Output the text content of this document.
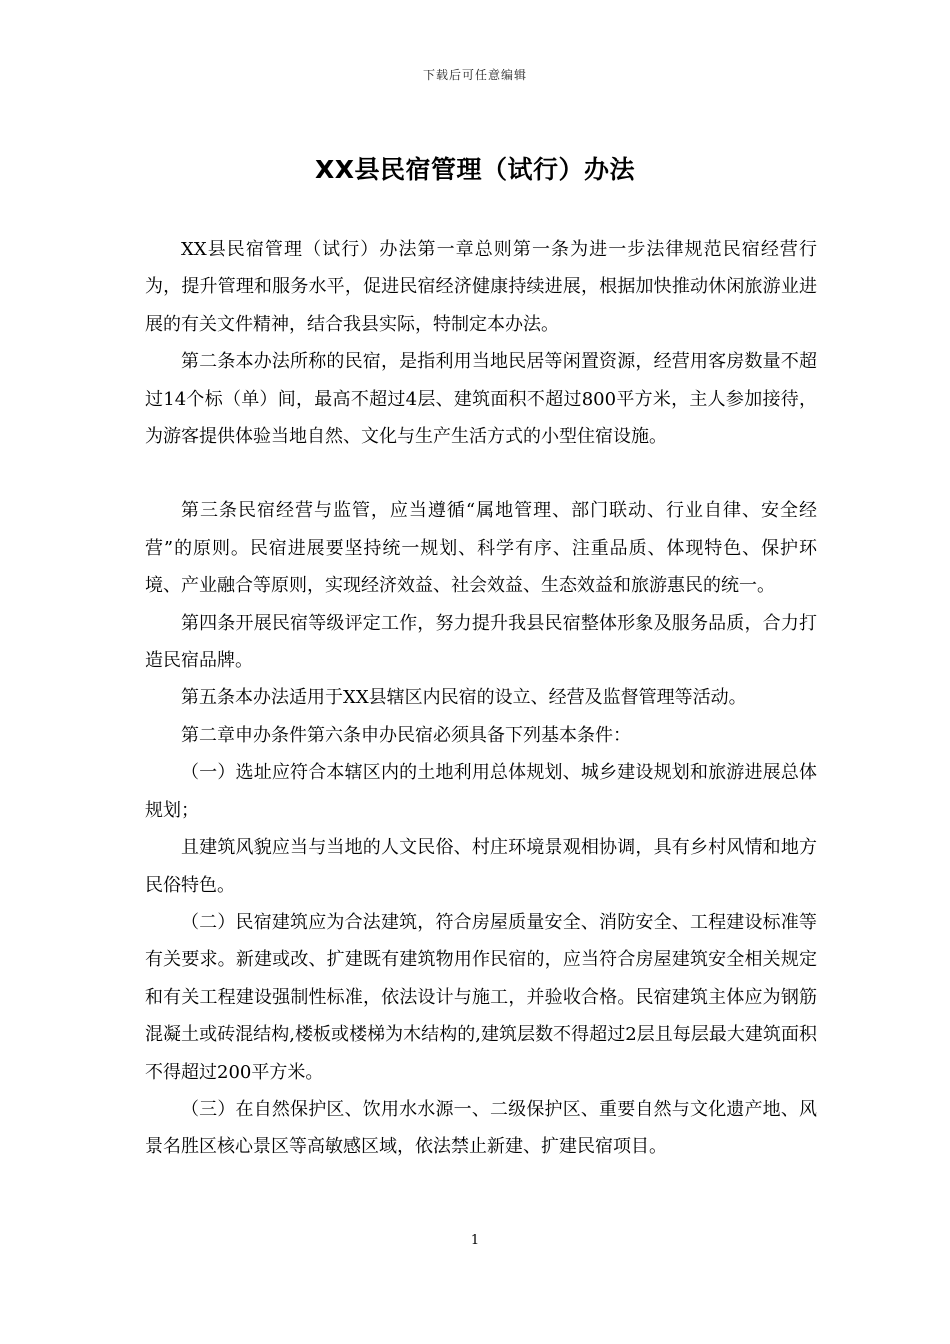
下载后可任意编辑
XX县民宿管理（试行）办法

XX县民宿管理（试行）办法第一章总则第一条为进一步法律规范民宿经营行为，提升管理和服务水平，促进民宿经济健康持续进展，根据加快推动休闲旅游业进展的有关文件精神，结合我县实际，特制定本办法。

第二条本办法所称的民宿，是指利用当地民居等闲置资源，经营用客房数量不超过14个标（单）间，最高不超过4层、建筑面积不超过800平方米，主人参加接待，为游客提供体验当地自然、文化与生产生活方式的小型住宿设施。

第三条民宿经营与监管，应当遵循“属地管理、部门联动、行业自律、安全经营”的原则。民宿进展要坚持统一规划、科学有序、注重品质、体现特色、保护环境、产业融合等原则，实现经济效益、社会效益、生态效益和旅游惠民的统一。

第四条开展民宿等级评定工作，努力提升我县民宿整体形象及服务品质，合力打造民宿品牌。

第五条本办法适用于XX县辖区内民宿的设立、经营及监督管理等活动。

第二章申办条件第六条申办民宿必须具备下列基本条件：

（一）选址应符合本辖区内的土地利用总体规划、城乡建设规划和旅游进展总体规划；

且建筑风貌应当与当地的人文民俗、村庄环境景观相协调，具有乡村风情和地方民俗特色。

（二）民宿建筑应为合法建筑，符合房屋质量安全、消防安全、工程建设标准等有关要求。新建或改、扩建既有建筑物用作民宿的，应当符合房屋建筑安全相关规定和有关工程建设强制性标准，依法设计与施工，并验收合格。民宿建筑主体应为钢筋混凝土或砖混结构,楼板或楼梯为木结构的,建筑层数不得超过2层且每层最大建筑面积不得超过200平方米。

（三）在自然保护区、饮用水水源一、二级保护区、重要自然与文化遗产地、风景名胜区核心景区等高敏感区域，依法禁止新建、扩建民宿项目。

1
